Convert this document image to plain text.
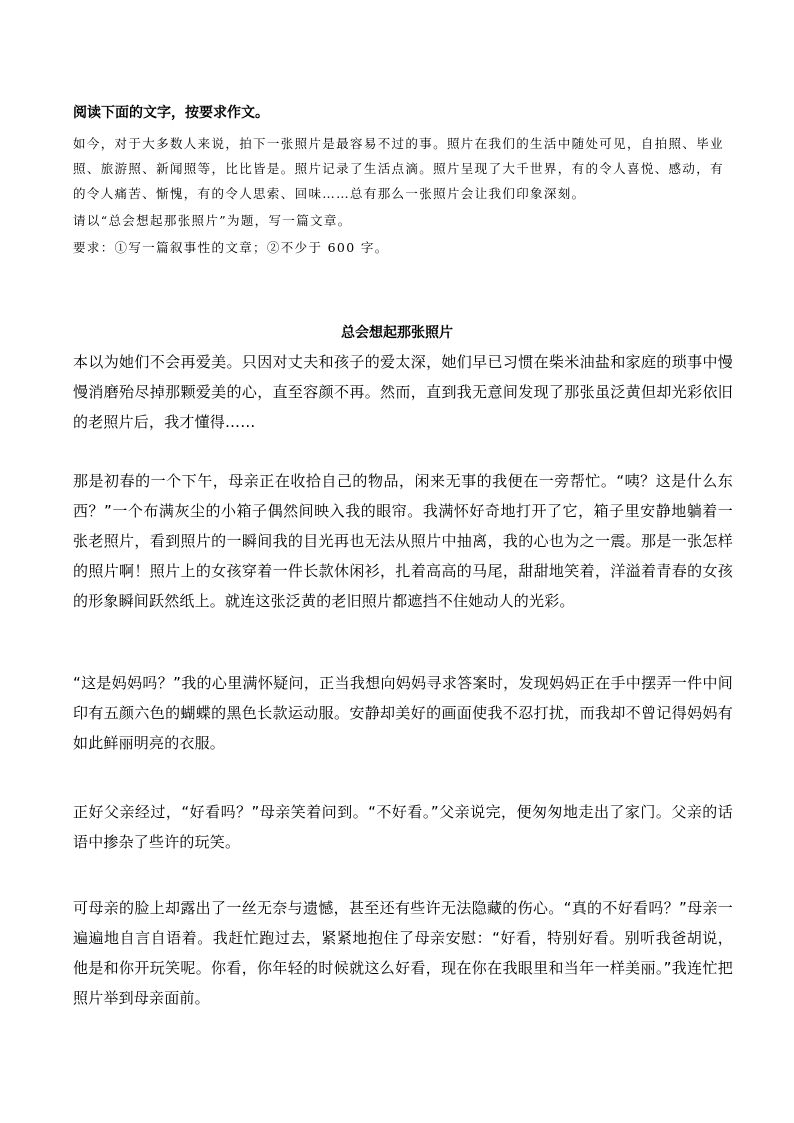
阅读下面的文字，按要求作文。

如今，对于大多数人来说，拍下一张照片是最容易不过的事。照片在我们的生活中随处可见，自拍照、毕业照、旅游照、新闻照等，比比皆是。照片记录了生活点滴。照片呈现了大千世界，有的令人喜悦、感动，有的令人痛苦、惭愧，有的令人思索、回味……总有那么一张照片会让我们印象深刻。

请以“总会想起那张照片”为题，写一篇文章。

要求：①写一篇叙事性的文章；②不少于 600 字。

总会想起那张照片

本以为她们不会再爱美。只因对丈夫和孩子的爱太深，她们早已习惯在柴米油盐和家庭的琐事中慢慢消磨殆尽掉那颗爱美的心，直至容颜不再。然而，直到我无意间发现了那张虽泛黄但却光彩依旧的老照片后，我才懂得……

那是初春的一个下午，母亲正在收拾自己的物品，闲来无事的我便在一旁帮忙。“咦？这是什么东西？”一个布满灰尘的小箱子偶然间映入我的眼帘。我满怀好奇地打开了它，箱子里安静地躺着一张老照片，看到照片的一瞬间我的目光再也无法从照片中抽离，我的心也为之一震。那是一张怎样的照片啊！照片上的女孩穿着一件长款休闲衫，扎着高高的马尾，甜甜地笑着，洋溢着青春的女孩的形象瞬间跃然纸上。就连这张泛黄的老旧照片都遮挡不住她动人的光彩。

“这是妈妈吗？”我的心里满怀疑问，正当我想向妈妈寻求答案时，发现妈妈正在手中摆弄一件中间印有五颜六色的蝴蝶的黑色长款运动服。安静却美好的画面使我不忍打扰，而我却不曾记得妈妈有如此鲜丽明亮的衣服。

正好父亲经过，“好看吗？”母亲笑着问到。“不好看。”父亲说完，便匆匆地走出了家门。父亲的话语中掺杂了些许的玩笑。

可母亲的脸上却露出了一丝无奈与遗憾，甚至还有些许无法隐藏的伤心。“真的不好看吗？”母亲一遍遍地自言自语着。我赶忙跑过去，紧紧地抱住了母亲安慰：“好看，特别好看。别听我爸胡说，他是和你开玩笑呢。你看，你年轻的时候就这么好看，现在你在我眼里和当年一样美丽。”我连忙把照片举到母亲面前。
